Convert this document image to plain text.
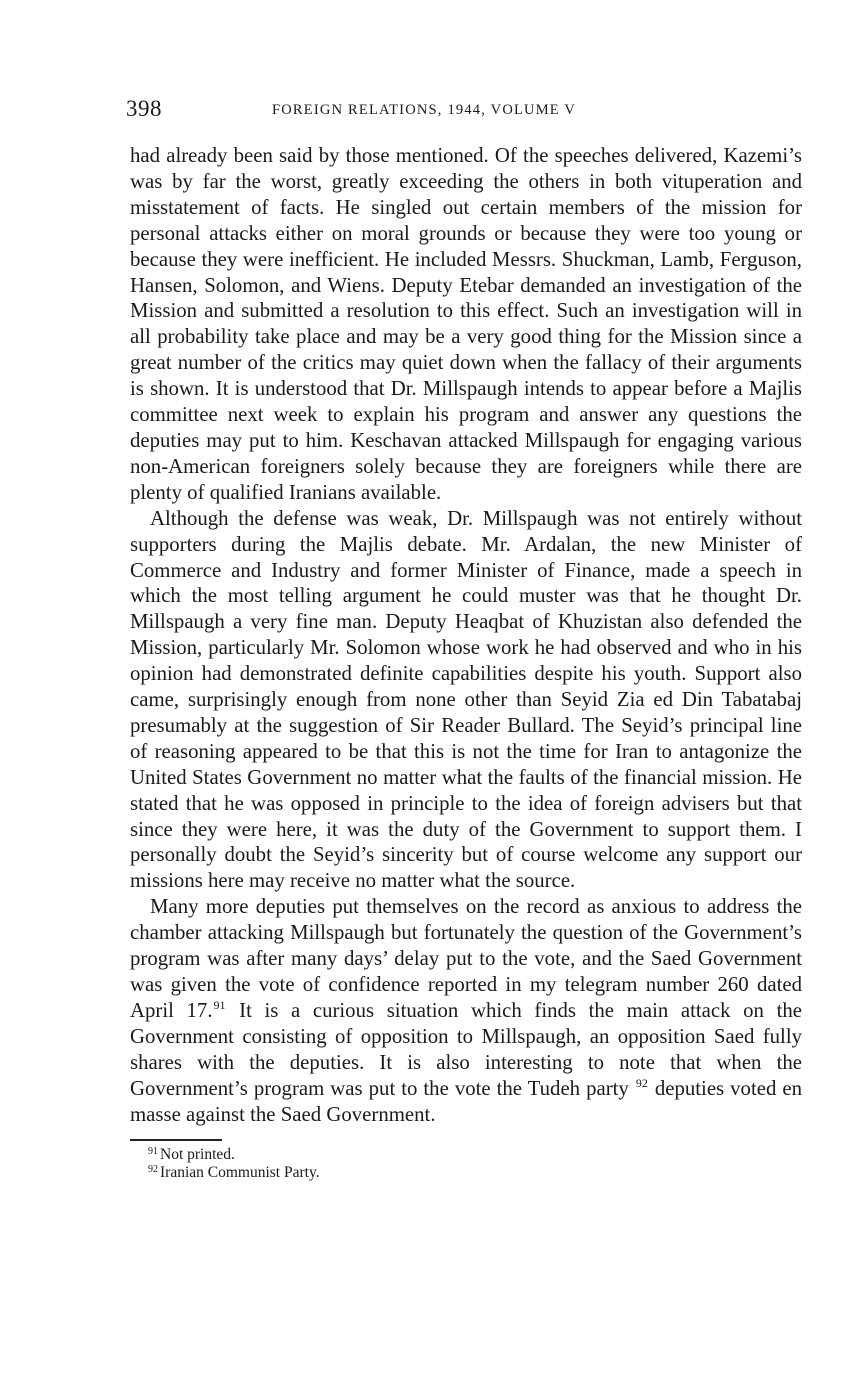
398	FOREIGN RELATIONS, 1944, VOLUME V

had already been said by those mentioned. Of the speeches delivered, Kazemi’s was by far the worst, greatly exceeding the others in both vituperation and misstatement of facts. He singled out certain members of the mission for personal attacks either on moral grounds or because they were too young or because they were inefficient. He included Messrs. Shuckman, Lamb, Ferguson, Hansen, Solomon, and Wiens. Deputy Etebar demanded an investigation of the Mission and submitted a resolution to this effect. Such an investigation will in all probability take place and may be a very good thing for the Mission since a great number of the critics may quiet down when the fallacy of their arguments is shown. It is understood that Dr. Millspaugh intends to appear before a Majlis committee next week to explain his program and answer any questions the deputies may put to him. Keschavan attacked Millspaugh for engaging various non-American foreigners solely because they are foreigners while there are plenty of qualified Iranians available.

Although the defense was weak, Dr. Millspaugh was not entirely without supporters during the Majlis debate. Mr. Ardalan, the new Minister of Commerce and Industry and former Minister of Finance, made a speech in which the most telling argument he could muster was that he thought Dr. Millspaugh a very fine man. Deputy Heaqbat of Khuzistan also defended the Mission, particularly Mr. Solomon whose work he had observed and who in his opinion had demonstrated definite capabilities despite his youth. Support also came, surprisingly enough from none other than Seyid Zia ed Din Tabatabaj presumably at the suggestion of Sir Reader Bullard. The Seyid’s principal line of reasoning appeared to be that this is not the time for Iran to antagonize the United States Government no matter what the faults of the financial mission. He stated that he was opposed in principle to the idea of foreign advisers but that since they were here, it was the duty of the Government to support them. I personally doubt the Seyid’s sincerity but of course welcome any support our missions here may receive no matter what the source.

Many more deputies put themselves on the record as anxious to address the chamber attacking Millspaugh but fortunately the question of the Government’s program was after many days’ delay put to the vote, and the Saed Government was given the vote of confidence reported in my telegram number 260 dated April 17.91 It is a curious situation which finds the main attack on the Government consisting of opposition to Millspaugh, an opposition Saed fully shares with the deputies. It is also interesting to note that when the Government’s program was put to the vote the Tudeh party $^{92}$ deputies voted en masse against the Saed Government.

$^{91}$ Not printed.
$^{92}$ Iranian Communist Party.
